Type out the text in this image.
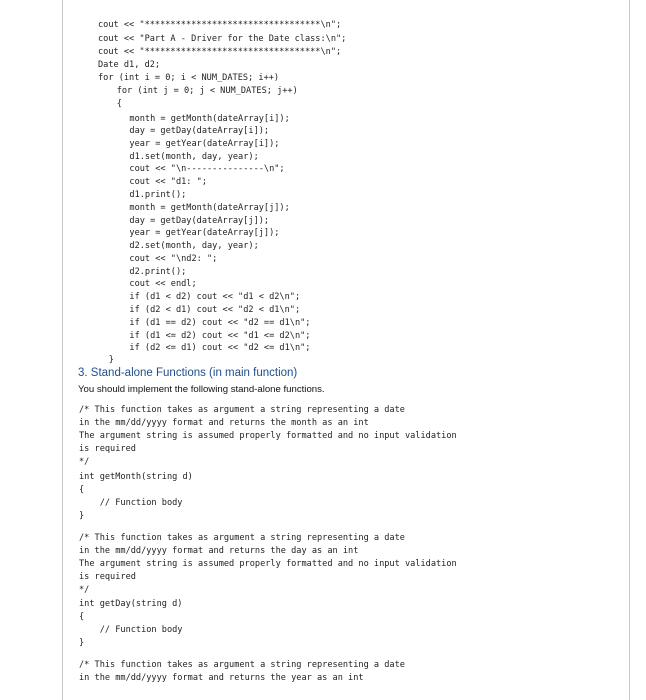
cout << "**********************************\n";
cout << "Part A - Driver for the Date class:\n";
cout << "**********************************\n";
Date d1, d2;
for (int i = 0; i < NUM_DATES; i++)
for (int j = 0; j < NUM_DATES; j++)
{
month = getMonth(dateArray[i]);
day = getDay(dateArray[i]);
year = getYear(dateArray[i]);
d1.set(month, day, year);
cout << "\n---------------\n";
cout << "d1: ";
d1.print();
month = getMonth(dateArray[j]);
day = getDay(dateArray[j]);
year = getYear(dateArray[j]);
d2.set(month, day, year);
cout << "\nd2: ";
d2.print();
cout << endl;
if (d1 < d2) cout << "d1 < d2\n";
if (d2 < d1) cout << "d2 < d1\n";
if (d1 == d2) cout << "d2 == d1\n";
if (d1 <= d2) cout << "d1 <= d2\n";
if (d2 <= d1) cout << "d2 <= d1\n";
}
3. Stand-alone Functions (in main function)
You should implement the following stand-alone functions.
/* This function takes as argument a string representing a date
in the mm/dd/yyyy format and returns the month as an int
The argument string is assumed properly formatted and no input validation
is required
*/
int getMonth(string d)
{
// Function body
}
/* This function takes as argument a string representing a date
in the mm/dd/yyyy format and returns the day as an int
The argument string is assumed properly formatted and no input validation
is required
*/
int getDay(string d)
{
// Function body
}
/* This function takes as argument a string representing a date
in the mm/dd/yyyy format and returns the year as an int
